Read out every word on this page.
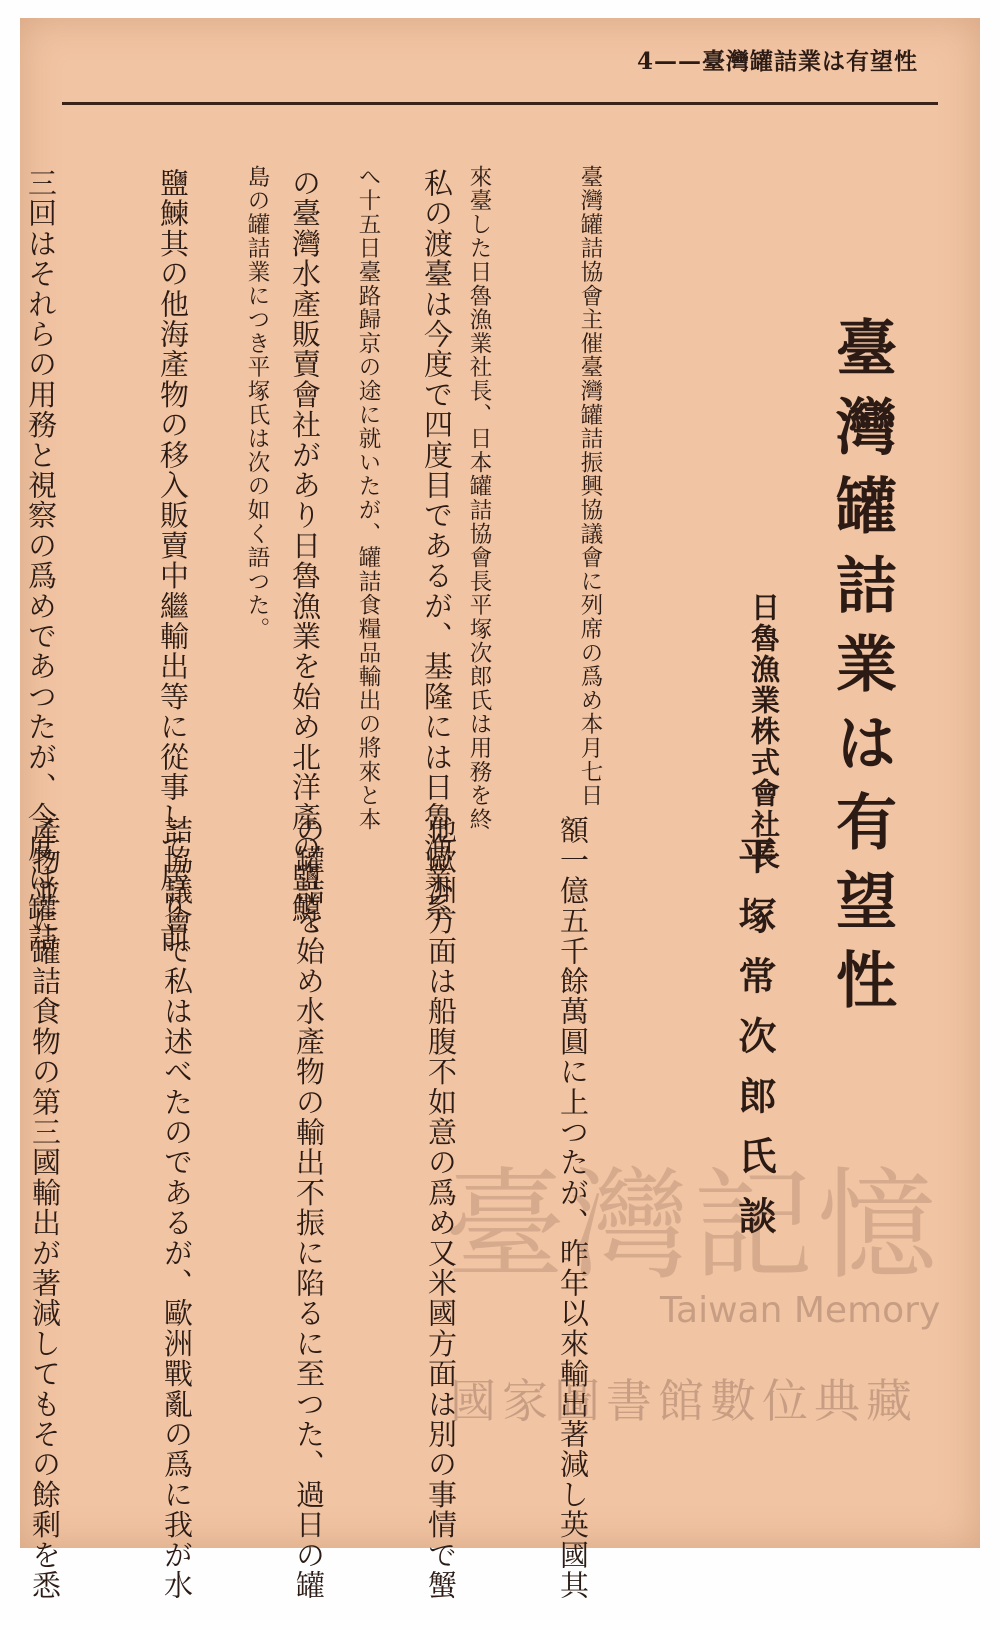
4——臺灣罐詰業は有望性
臺灣罐詰業は有望性
日魯漁業株式會社長
平塚常次郎氏談

臺灣罐詰協會主催臺灣罐詰振興協議會に列席の爲め本月七日

來臺した日魯漁業社長、日本罐詰協會長平塚次郎氏は用務を終

へ十五日臺路歸京の途に就いたが、罐詰食糧品輸出の將來と本

島の罐詰業につき平塚氏は次の如く語つた。

	私の渡臺は今度で四度目であるが、基隆には日魯漁業系

の臺灣水產販賣會社があり日魯漁業を始め北洋產の鹽鱒、

鹽鰊其の他海產物の移入販賣中繼輸出等に從事して居り前

三回はそれらの用務と視察の爲めであつたが、今度は罐詰

額一億五千餘萬圓に上つたが、昨年以來輸出著減し英國其

他歐洲方面は船腹不如意の爲め又米國方面は別の事情で蟹

の罐詰を始め水產物の輸出不振に陷るに至つた、過日の罐

詰協議會で私は述べたのであるが、歐洲戰亂の爲に我が水

產物並に罐詰食物の第三國輸出が著減してもその餘剩を悉

	臺灣記憶
Taiwan Memory
國家圖書館數位典藏
